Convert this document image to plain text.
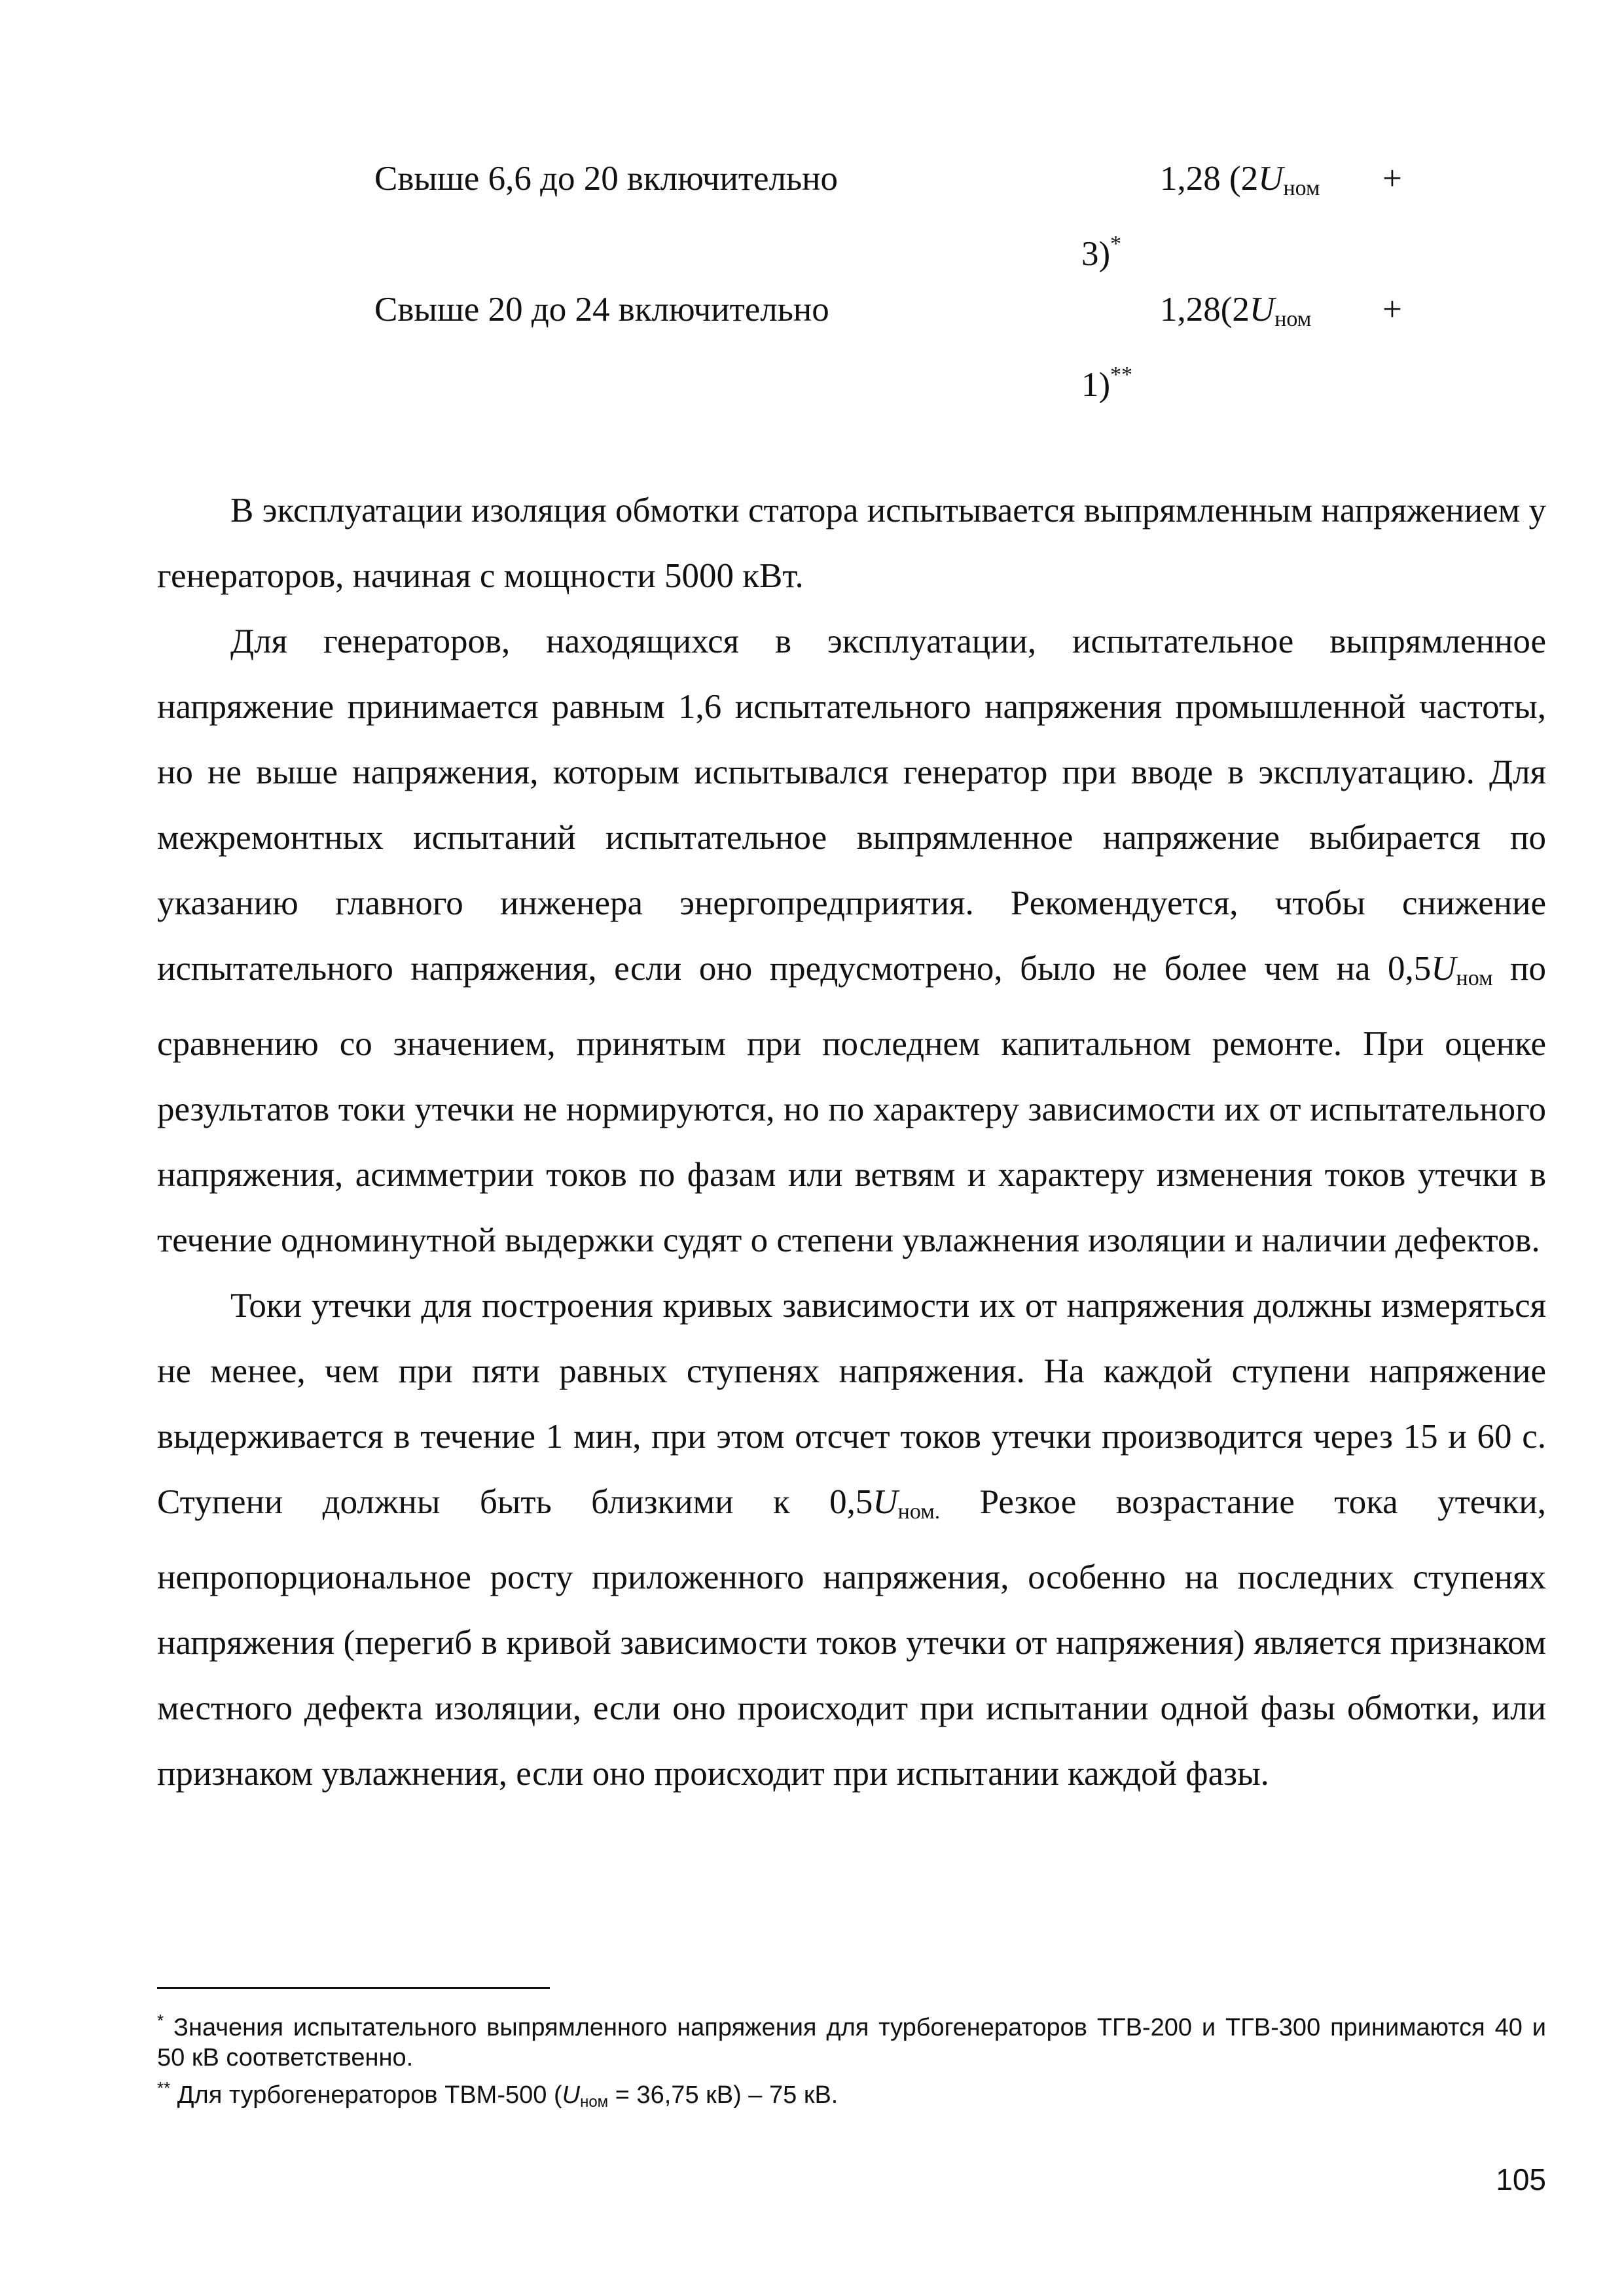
Свыше 6,6 до 20 включительно	1,28 ($2U_{ном}$ +
3)*
Свыше 20 до 24 включительно	$1,28(2U_{ном}$ +
1)**

В эксплуатации изоляция обмотки статора испытывается выпрямленным напряжением у генераторов, начиная с мощности 5000 кВт.

Для генераторов, находящихся в эксплуатации, испытательное выпрямленное напряжение принимается равным 1,6 испытательного напряжения промышленной частоты, но не выше напряжения, которым испытывался генератор при вводе в эксплуатацию. Для межремонтных испытаний испытательное выпрямленное напряжение выбирается по указанию главного инженера энергопредприятия. Рекомендуется, чтобы снижение испытательного напряжения, если оно предусмотрено, было не более чем на $0,5U_{ном}$ по сравнению со значением, принятым при последнем капитальном ремонте. При оценке результатов токи утечки не нормируются, но по характеру зависимости их от испытательного напряжения, асимметрии токов по фазам или ветвям и характеру изменения токов утечки в течение одноминутной выдержки судят о степени увлажнения изоляции и наличии дефектов.

Токи утечки для построения кривых зависимости их от напряжения должны измеряться не менее, чем при пяти равных ступенях напряжения. На каждой ступени напряжение выдерживается в течение 1 мин, при этом отсчет токов утечки производится через 15 и 60 с. Ступени должны быть близкими к $0,5U_{ном.}$ Резкое возрастание тока утечки, непропорциональное росту приложенного напряжения, особенно на последних ступенях напряжения (перегиб в кривой зависимости токов утечки от напряжения) является признаком местного дефекта изоляции, если оно происходит при испытании одной фазы обмотки, или признаком увлажнения, если оно происходит при испытании каждой фазы.

* Значения испытательного выпрямленного напряжения для турбогенераторов ТГВ-200 и ТГВ-300 принимаются 40 и 50 кВ соответственно.

** Для турбогенераторов ТВМ-500 (Uном = 36,75 кВ) – 75 кВ.

105
